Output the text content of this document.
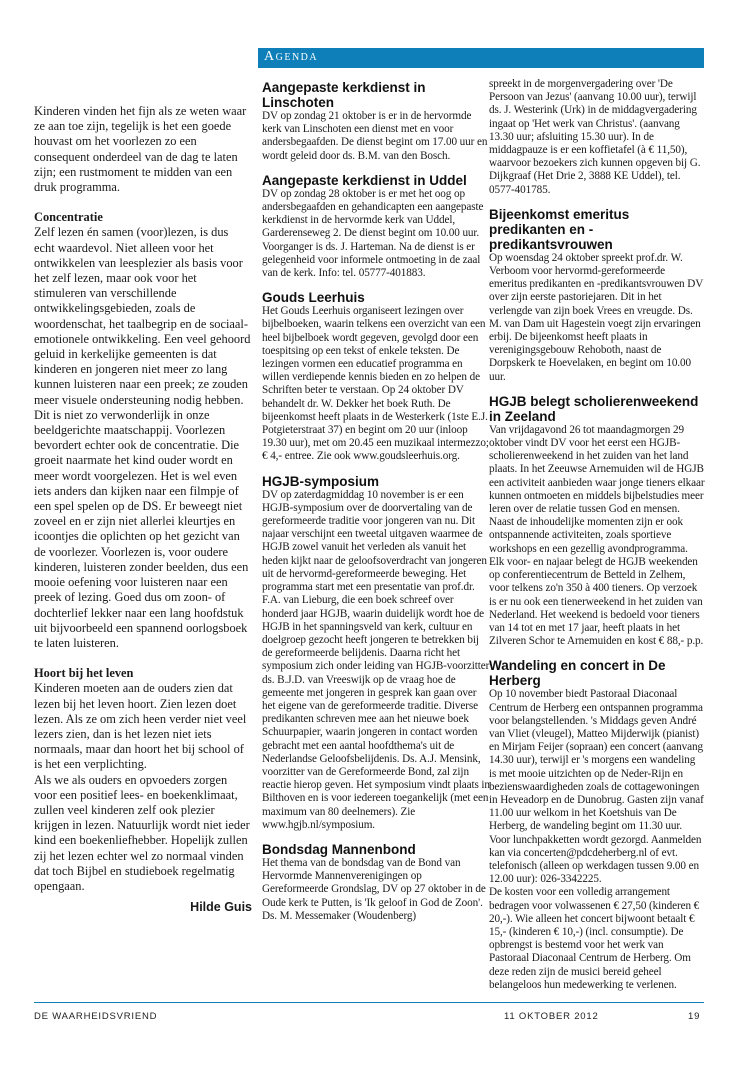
Kinderen vinden het fijn als ze weten waar ze aan toe zijn, tegelijk is het een goede houvast om het voorlezen zo een consequent onderdeel van de dag te laten zijn; een rustmoment te midden van een druk programma.

Concentratie

Zelf lezen én samen (voor)lezen, is dus echt waardevol. Niet alleen voor het ontwikkelen van leesplezier als basis voor het zelf lezen, maar ook voor het stimuleren van verschillende ontwikkelingsgebieden, zoals de woordenschat, het taalbegrip en de sociaal-emotionele ontwikkeling. Een veel gehoord geluid in kerkelijke gemeenten is dat kinderen en jongeren niet meer zo lang kunnen luisteren naar een preek; ze zouden meer visuele ondersteuning nodig hebben. Dit is niet zo verwonderlijk in onze beeldgerichte maatschappij. Voorlezen bevordert echter ook de concentratie. Die groeit naarmate het kind ouder wordt en meer wordt voorgelezen. Het is wel even iets anders dan kijken naar een filmpje of een spel spelen op de DS. Er beweegt niet zoveel en er zijn niet allerlei kleurtjes en icoontjes die oplichten op het gezicht van de voorlezer. Voorlezen is, voor oudere kinderen, luisteren zonder beelden, dus een mooie oefening voor luisteren naar een preek of lezing. Goed dus om zoon- of dochterlief lekker naar een lang hoofdstuk uit bijvoorbeeld een spannend oorlogsboek te laten luisteren.

Hoort bij het leven

Kinderen moeten aan de ouders zien dat lezen bij het leven hoort. Zien lezen doet lezen. Als ze om zich heen verder niet veel lezers zien, dan is het lezen niet iets normaals, maar dan hoort het bij school of is het een verplichting.

Als we als ouders en opvoeders zorgen voor een positief lees- en boekenklimaat, zullen veel kinderen zelf ook plezier krijgen in lezen. Natuurlijk wordt niet ieder kind een boekenliefhebber. Hopelijk zullen zij het lezen echter wel zo normaal vinden dat toch Bijbel en studieboek regelmatig opengaan.

Hilde Guis

Agenda
Aangepaste kerkdienst in Linschoten

DV op zondag 21 oktober is er in de hervormde kerk van Linschoten een dienst met en voor andersbegaafden. De dienst begint om 17.00 uur en wordt geleid door ds. B.M. van den Bosch.

Aangepaste kerkdienst in Uddel

DV op zondag 28 oktober is er met het oog op andersbegaafden en gehandicapten een aangepaste kerkdienst in de hervormde kerk van Uddel, Garderenseweg 2. De dienst begint om 10.00 uur. Voorganger is ds. J. Harteman. Na de dienst is er gelegenheid voor informele ontmoeting in de zaal van de kerk. Info: tel. 05777-401883.

Gouds Leerhuis

Het Gouds Leerhuis organiseert lezingen over bijbelboeken, waarin telkens een overzicht van een heel bijbelboek wordt gegeven, gevolgd door een toespitsing op een tekst of enkele teksten. De lezingen vormen een educatief programma en willen verdiepende kennis bieden en zo helpen de Schriften beter te verstaan. Op 24 oktober DV behandelt dr. W. Dekker het boek Ruth. De bijeenkomst heeft plaats in de Westerkerk (1ste E.J. Potgieterstraat 37) en begint om 20 uur (inloop 19.30 uur), met om 20.45 een muzikaal intermezzo; € 4,- entree. Zie ook www.goudsleerhuis.org.

HGJB-symposium

DV op zaterdagmiddag 10 november is er een HGJB-symposium over de doorvertaling van de gereformeerde traditie voor jongeren van nu. Dit najaar verschijnt een tweetal uitgaven waarmee de HGJB zowel vanuit het verleden als vanuit het heden kijkt naar de geloofsoverdracht van jongeren uit de hervormd-gereformeerde beweging. Het programma start met een presentatie van prof.dr. F.A. van Lieburg, die een boek schreef over honderd jaar HGJB, waarin duidelijk wordt hoe de HGJB in het spanningsveld van kerk, cultuur en doelgroep gezocht heeft jongeren te betrekken bij de gereformeerde belijdenis. Daarna richt het symposium zich onder leiding van HGJB-voorzitter ds. B.J.D. van Vreeswijk op de vraag hoe de gemeente met jongeren in gesprek kan gaan over het eigene van de gereformeerde traditie. Diverse predikanten schreven mee aan het nieuwe boek Schuurpapier, waarin jongeren in contact worden gebracht met een aantal hoofdthema's uit de Nederlandse Geloofsbelijdenis. Ds. A.J. Mensink, voorzitter van de Gereformeerde Bond, zal zijn reactie hierop geven. Het symposium vindt plaats in Bilthoven en is voor iedereen toegankelijk (met een maximum van 80 deelnemers). Zie www.hgjb.nl/symposium.

Bondsdag Mannenbond

Het thema van de bondsdag van de Bond van Hervormde Mannenverenigingen op Gereformeerde Grondslag, DV op 27 oktober in de Oude kerk te Putten, is 'Ik geloof in God de Zoon'. Ds. M. Messemaker (Woudenberg)

spreekt in de morgenvergadering over 'De Persoon van Jezus' (aanvang 10.00 uur), terwijl ds. J. Westerink (Urk) in de middagvergadering ingaat op 'Het werk van Christus'. (aanvang 13.30 uur; afsluiting 15.30 uur). In de middagpauze is er een koffietafel (à € 11,50), waarvoor bezoekers zich kunnen opgeven bij G. Dijkgraaf (Het Drie 2, 3888 KE Uddel), tel. 0577-401785.

Bijeenkomst emeritus predikanten en -predikantsvrouwen

Op woensdag 24 oktober spreekt prof.dr. W. Verboom voor hervormd-gereformeerde emeritus predikanten en -predikantsvrouwen DV over zijn eerste pastoriejaren. Dit in het verlengde van zijn boek Vrees en vreugde. Ds. M. van Dam uit Hagestein voegt zijn ervaringen erbij. De bijeenkomst heeft plaats in verenigingsgebouw Rehoboth, naast de Dorpskerk te Hoevelaken, en begint om 10.00 uur.

HGJB belegt scholierenweekend in Zeeland

Van vrijdagavond 26 tot maandagmorgen 29 oktober vindt DV voor het eerst een HGJB-scholierenweekend in het zuiden van het land plaats. In het Zeeuwse Arnemuiden wil de HGJB een activiteit aanbieden waar jonge tieners elkaar kunnen ontmoeten en middels bijbelstudies meer leren over de relatie tussen God en mensen. Naast de inhoudelijke momenten zijn er ook ontspannende activiteiten, zoals sportieve workshops en een gezellig avondprogramma.

Elk voor- en najaar belegt de HGJB weekenden op conferentiecentrum de Betteld in Zelhem, voor telkens zo'n 350 à 400 tieners. Op verzoek is er nu ook een tienerweekend in het zuiden van Nederland. Het weekend is bedoeld voor tieners van 14 tot en met 17 jaar, heeft plaats in het Zilveren Schor te Arnemuiden en kost € 88,- p.p.

Wandeling en concert in De Herberg

Op 10 november biedt Pastoraal Diaconaal Centrum de Herberg een ontspannen programma voor belangstellenden. 's Middags geven André van Vliet (vleugel), Matteo Mijderwijk (pianist) en Mirjam Feijer (sopraan) een concert (aanvang 14.30 uur), terwijl er 's morgens een wandeling is met mooie uitzichten op de Neder-Rijn en bezienswaardigheden zoals de cottagewoningen in Heveadorp en de Dunobrug. Gasten zijn vanaf 11.00 uur welkom in het Koetshuis van De Herberg, de wandeling begint om 11.30 uur. Voor lunchpakketten wordt gezorgd. Aanmelden kan via concerten@pdcdeherberg.nl of evt. telefonisch (alleen op werkdagen tussen 9.00 en 12.00 uur): 026-3342225.

De kosten voor een volledig arrangement bedragen voor volwassenen € 27,50 (kinderen € 20,-). Wie alleen het concert bijwoont betaalt € 15,- (kinderen € 10,-) (incl. consumptie). De opbrengst is bestemd voor het werk van Pastoraal Diaconaal Centrum de Herberg. Om deze reden zijn de musici bereid geheel belangeloos hun medewerking te verlenen.

DE WAARHEIDSVRIEND	11 OKTOBER 2012	19
